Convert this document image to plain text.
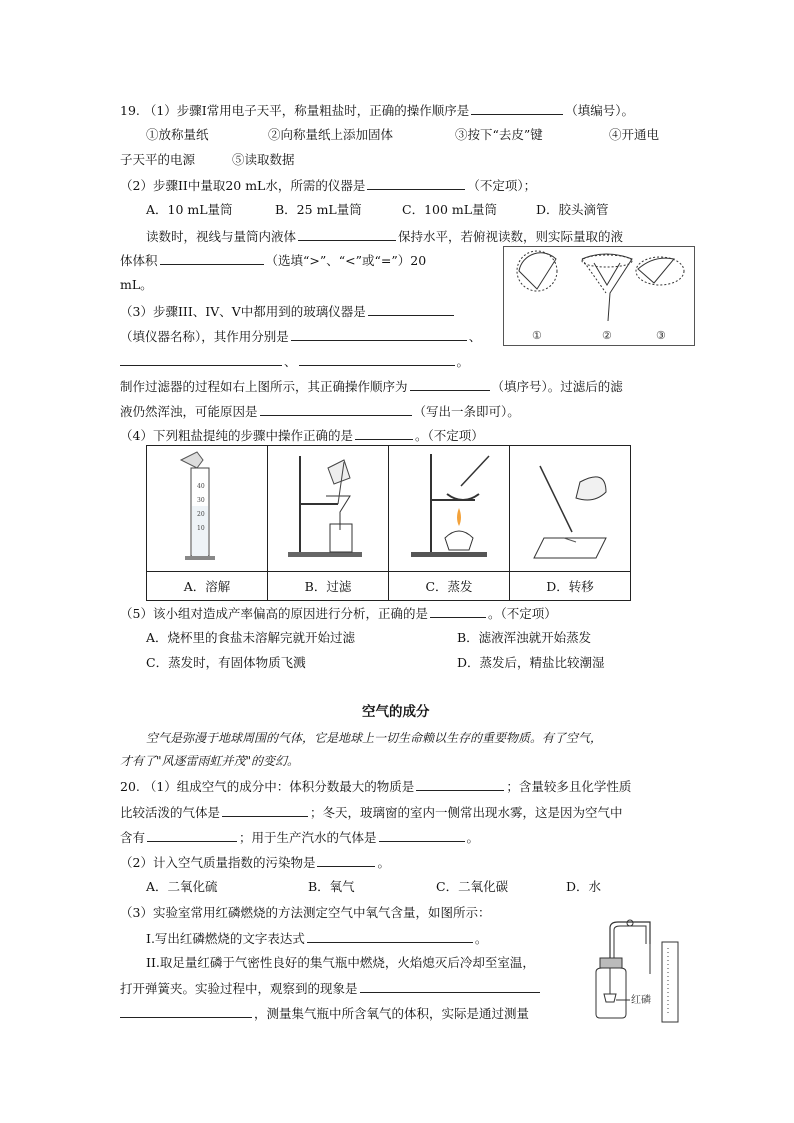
19. （1）步骤I常用电子天平，称量粗盐时，正确的操作顺序是	（填编号）。
①放称量纸	②向称量纸上添加固体	③按下“去皮”键	④开通电
子天平的电源	⑤读取数据
（2）步骤II中量取20 mL水，所需的仪器是	（不定项）；
A．10 mL量筒	B．25 mL量筒	C．100 mL量筒	D．胶头滴管
读数时，视线与量筒内液体	保持水平，若俯视读数，则实际量取的液
体体积	（选填“>”、“<”或“=”）20
mL。
（3）步骤III、IV、V中都用到的玻璃仪器是
（填仪器名称），其作用分别是	、
、	。
①	②	③
制作过滤器的过程如右上图所示，其正确操作顺序为	（填序号）。过滤后的滤
液仍然浑浊，可能原因是	（写出一条即可）。
（4）下列粗盐提纯的步骤中操作正确的是	。（不定项）
40
30
20
10

A．溶解	B．过滤	C．蒸发	D．转移
（5）该小组对造成产率偏高的原因进行分析，正确的是	。（不定项）
A．烧杯里的食盐未溶解完就开始过滤	B．滤液浑浊就开始蒸发
C．蒸发时，有固体物质飞溅	D．蒸发后，精盐比较潮湿
空气的成分
空气是弥漫于地球周围的气体，它是地球上一切生命赖以生存的重要物质。有了空气，
才有了"风逐雷雨虹并茂"的变幻。
20. （1）组成空气的成分中：体积分数最大的物质是	；含量较多且化学性质
比较活泼的气体是	；冬天，玻璃窗的室内一侧常出现水雾，这是因为空气中
含有	；用于生产汽水的气体是	。
（2）计入空气质量指数的污染物是	。
A．二氧化硫	B．氧气	C．二氧化碳	D．水
（3）实验室常用红磷燃烧的方法测定空气中氧气含量，如图所示：
I.写出红磷燃烧的文字表达式	。
II.取足量红磷于气密性良好的集气瓶中燃烧，火焰熄灭后冷却至室温，
打开弹簧夹。实验过程中，观察到的现象是
，测量集气瓶中所含氧气的体积，实际是通过测量
红磷
